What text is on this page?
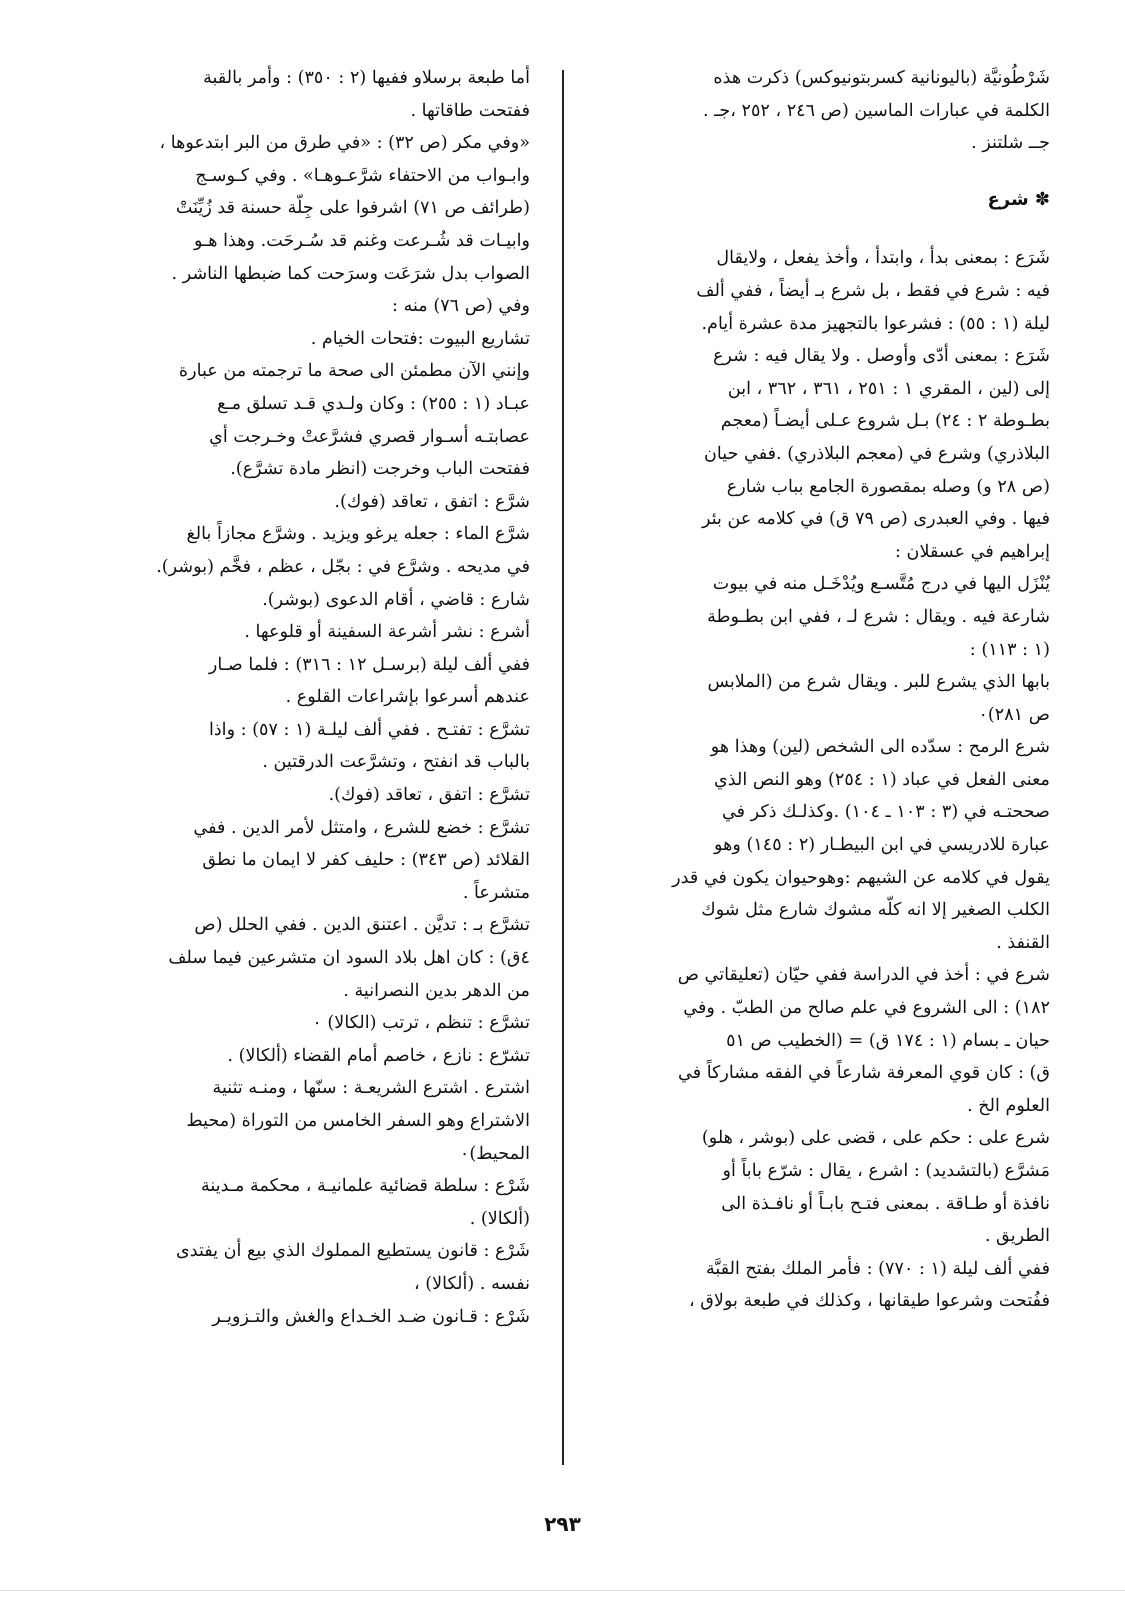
شَرْطُونيَّة (باليونانية كسربتونيوكس) ذكرت هذه
الكلمة في عبارات الماسين (ص ٢٤٦ ، ٢٥٢ ،جـ .
جــ شلتنز .

✽ شرع

شَرَع : بمعنى بدأ ، وابتدأ ، وأخذ يفعل ، ولايقال
فيه : شرع في فقط ، بل شرع بـ أيضاً ، ففي ألف
ليلة (١ : ٥٥) : فشرعوا بالتجهيز مدة عشرة أيام.

شَرَع : بمعنى أدّى وأوصل . ولا يقال فيه : شرع
إلى (لين ، المقري ١ : ٢٥١ ، ٣٦١ ، ٣٦٢ ، ابن
بطـوطة ٢ : ٢٤) بـل شروع عـلى أيضـاً (معجم
البلاذري) وشرع في (معجم البلاذري) .ففي حيان
(ص ٢٨ و) وصله بمقصورة الجامع بباب شارع
فيها . وفي العبدرى (ص ٧٩ ق) في كلامه عن بئر
إبراهيم في عسقلان :

يُنْزَل اليها في درج مُتَّسـع ويُدْخَـل منه في بيوت
شارعة فيه . ويقال : شرع لـ ، ففي ابن بطـوطة
(١ : ١١٣) :

بابها الذي يشرع للبر . ويقال شرع من (الملابس
ص ٢٨١)٠

شرع الرمح : سدّده الى الشخص (لين) وهذا هو
معنى الفعل في عباد (١ : ٢٥٤) وهو النص الذي
صححتـه في (٣ : ١٠٣ ـ ١٠٤) .وكذلـك ذكر في
عبارة للادريسي في ابن البيطـار (٢ : ١٤٥) وهو
يقول في كلامه عن الشيهم :وهوحيوان يكون في قدر
الكلب الصغير إلا انه كلّه مشوك شارع مثل شوك
القنفذ .

شرع في : أخذ في الدراسة ففي حيّان (تعليقاتي ص
١٨٢) : الى الشروع في علم صالح من الطبّ . وفي
حيان ـ بسام (١ : ١٧٤ ق) = (الخطيب ص ٥١
ق) : كان قوي المعرفة شارعاً في الفقه مشاركاً في
العلوم الخ .

شرع على : حكم على ، قضى على (بوشر ، هلو)

مَشرَّع (بالتشديد) : اشرع ، يقال : شرّع باباً أو
نافذة أو طـاقة . بمعنى فتـح بابـاً أو نافـذة الى
الطريق .

ففي ألف ليلة (١ : ٧٧٠) : فأمر الملك بفتح القبَّة
ففُتحت وشرعوا طيقانها ، وكذلك في طبعة بولاق ،

أما طبعة برسلاو ففيها (٢ : ٣٥٠) : وأمر بالقبة
ففتحت طاقاتها .

«وفي مكر (ص ٣٢) : «في طرق من البر ابتدعوها ،
وابـواب من الاحتفاء شرَّعـوهـا» . وفي كـوسـج
(طرائف ص ٧١) اشرفوا على جِلّة حسنة قد زُيِّنَتْ
وابيـات قد شُـرعت وغنم قد سُـرحَت. وهذا هـو
الصواب بدل شرَعَت وسرَحت كما ضبطها الناشر .

وفي (ص ٧٦) منه :

تشاريع البيوت :فتحات الخيام .

وإنني الآن مطمئن الى صحة ما ترجمته من عبارة
عبـاد (١ : ٢٥٥) : وكان ولـدي قـد تسلق مـع
عصابتـه أسـوار قصري فشرَّعتْ وخـرجت أي
ففتحت الباب وخرجت (انظر مادة تشرَّع).

شرَّع : اتفق ، تعاقد (فوك).

شرَّع الماء : جعله يرغو ويزيد . وشرَّع مجازاً بالغ
في مديحه . وشرَّع في : بجّل ، عظم ، فخَّم (بوشر).

شارع : قاضي ، أقام الدعوى (بوشر).

أشرع : نشر أشرعة السفينة أو قلوعها .

ففي ألف ليلة (برسـل ١٢ : ٣١٦) : فلما صـار
عندهم أسرعوا بإشراعات القلوع .

تشرَّع : تفتـح . ففي ألف ليلـة (١ : ٥٧) : واذا
بالباب قد انفتح ، وتشرَّعت الدرقتين .

تشرَّع : اتفق ، تعاقد (فوك).

تشرَّع : خضع للشرع ، وامتثل لأمر الدين . ففي
القلائد (ص ٣٤٣) : حليف كفر لا ايمان ما نطق
متشرعاً .

تشرَّع بـ : تديَّن . اعتنق الدين . ففي الحلل (ص
٤ق) : كان اهل بلاد السود ان متشرعين فيما سلف
من الدهر بدين النصرانية .

تشرَّع : تنظم ، ترتب (الكالا) ٠

تشرّع : نازع ، خاصم أمام القضاء (ألكالا) .

اشترع . اشترع الشريعـة : سنّها ، ومنـه تثنية
الاشتراع وهو السفر الخامس من التوراة (محيط
المحيط)٠

شَرْع : سلطة قضائية علمانيـة ، محكمة مـدينة
(ألكالا) .

شَرْع : قانون يستطيع المملوك الذي بيع أن يفتدى
نفسه . (ألكالا) ،

شَرْع : قـانون ضـد الخـداع والغش والتـزويـر

٢٩٣
